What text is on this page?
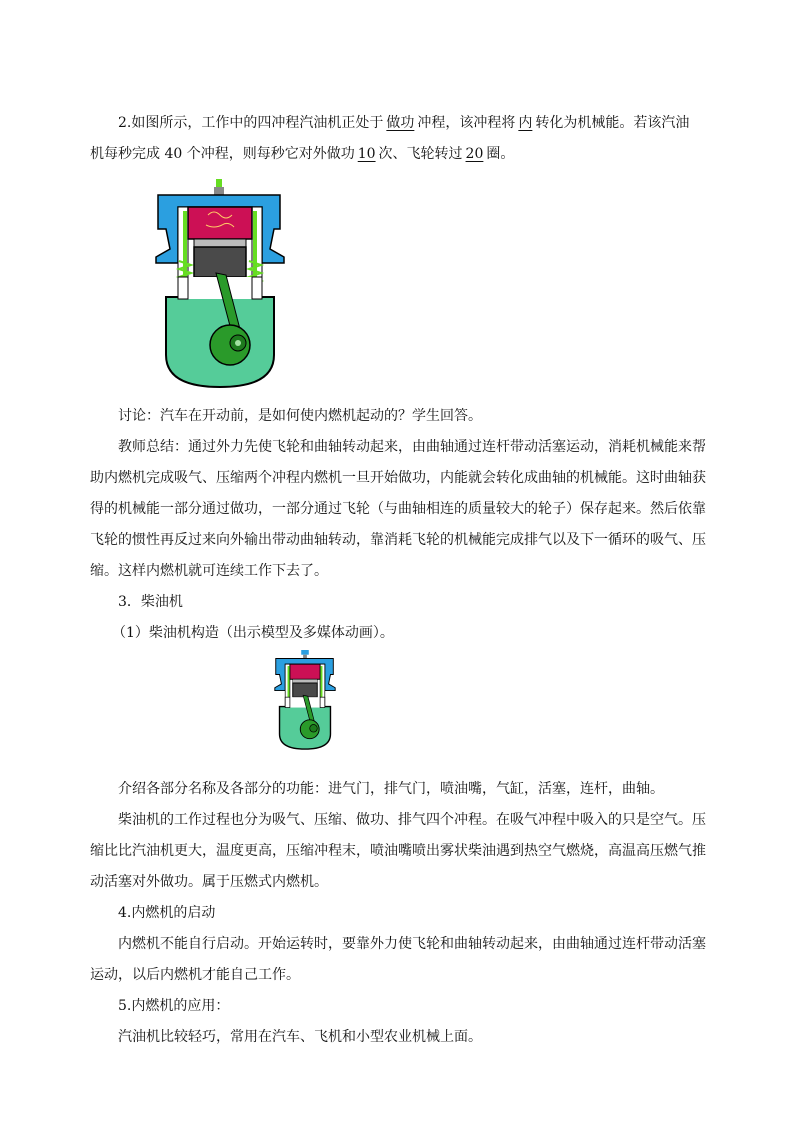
2.如图所示，工作中的四冲程汽油机正处于 做功 冲程，该冲程将 内 转化为机械能。若该汽油
机每秒完成 40 个冲程，则每秒它对外做功 10 次、飞轮转过 20 圈。

讨论：汽车在开动前，是如何使内燃机起动的？学生回答。

教师总结：通过外力先使飞轮和曲轴转动起来，由曲轴通过连杆带动活塞运动，消耗机械能来帮
助内燃机完成吸气、压缩两个冲程内燃机一旦开始做功，内能就会转化成曲轴的机械能。这时曲轴获
得的机械能一部分通过做功，一部分通过飞轮（与曲轴相连的质量较大的轮子）保存起来。然后依靠
飞轮的惯性再反过来向外输出带动曲轴转动，靠消耗飞轮的机械能完成排气以及下一循环的吸气、压
缩。这样内燃机就可连续工作下去了。

3．柴油机

（1）柴油机构造（出示模型及多媒体动画）。

介绍各部分名称及各部分的功能：进气门，排气门，喷油嘴，气缸，活塞，连杆，曲轴。

柴油机的工作过程也分为吸气、压缩、做功、排气四个冲程。在吸气冲程中吸入的只是空气。压
缩比比汽油机更大，温度更高，压缩冲程末，喷油嘴喷出雾状柴油遇到热空气燃烧，高温高压燃气推
动活塞对外做功。属于压燃式内燃机。

4.内燃机的启动

内燃机不能自行启动。开始运转时，要靠外力使飞轮和曲轴转动起来，由曲轴通过连杆带动活塞
运动，以后内燃机才能自己工作。

5.内燃机的应用：

汽油机比较轻巧，常用在汽车、飞机和小型农业机械上面。
